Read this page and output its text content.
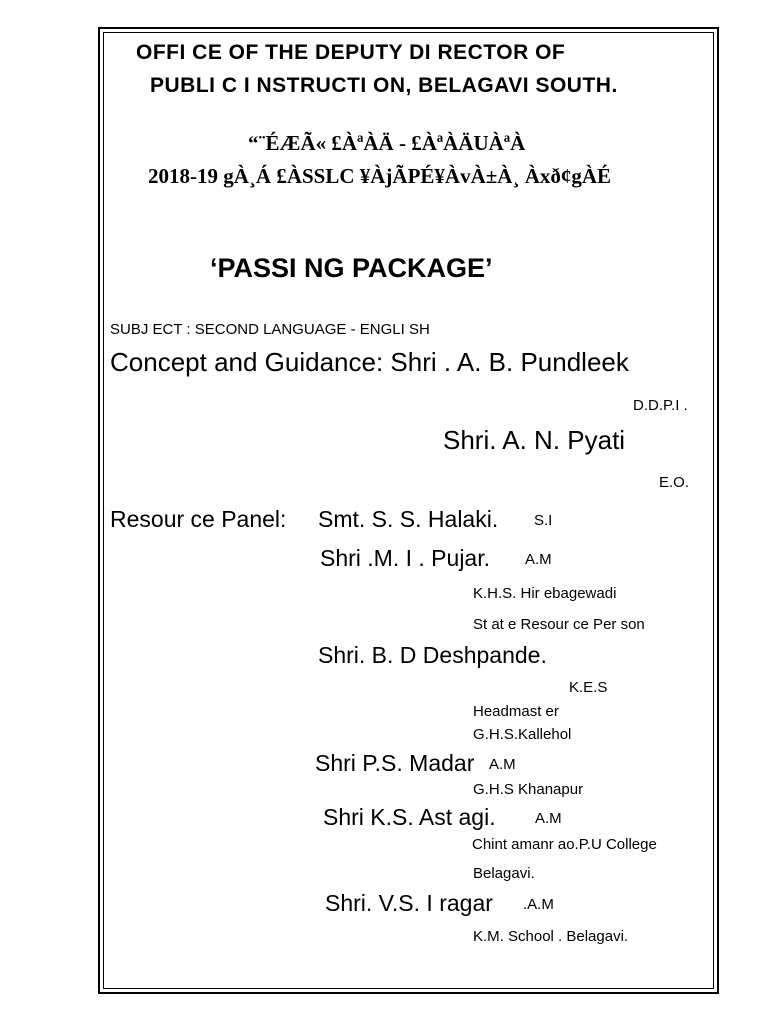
OFFI CE OF THE DEPUTY DI RECTOR OF
PUBLI C I NSTRUCTI ON, BELAGAVI SOUTH.
“¨ÉÆÃ« £ÀªÀÄ - £ÀªÀÄUÀªÀ
2018-19 gÀ¸Á £ÀSSLC ¥ÀjÃPÉ¥ÀvÀ±À¸ Àxð¢gÀÉ
‘PASSI NG PACKAGE’
SUBJ ECT : SECOND LANGUAGE - ENGLI SH
Concept and Guidance: Shri . A. B. Pundleek
D.D.P.I .
Shri. A. N. Pyati
E.O.
Resour ce Panel: Smt. S. S. Halaki. S.I
Shri .M. I . Pujar. A.M
K.H.S. Hir ebagewadi
St at e Resour ce Per son
Shri. B. D Deshpande.
K.E.S
Headmast er
G.H.S.Kallehol
Shri P.S. Madar A.M
G.H.S Khanapur
Shri K.S. Ast agi.	A.M
Chint amanr ao.P.U College
Belagavi.
Shri. V.S. I ragar .A.M
K.M. School . Belagavi.
